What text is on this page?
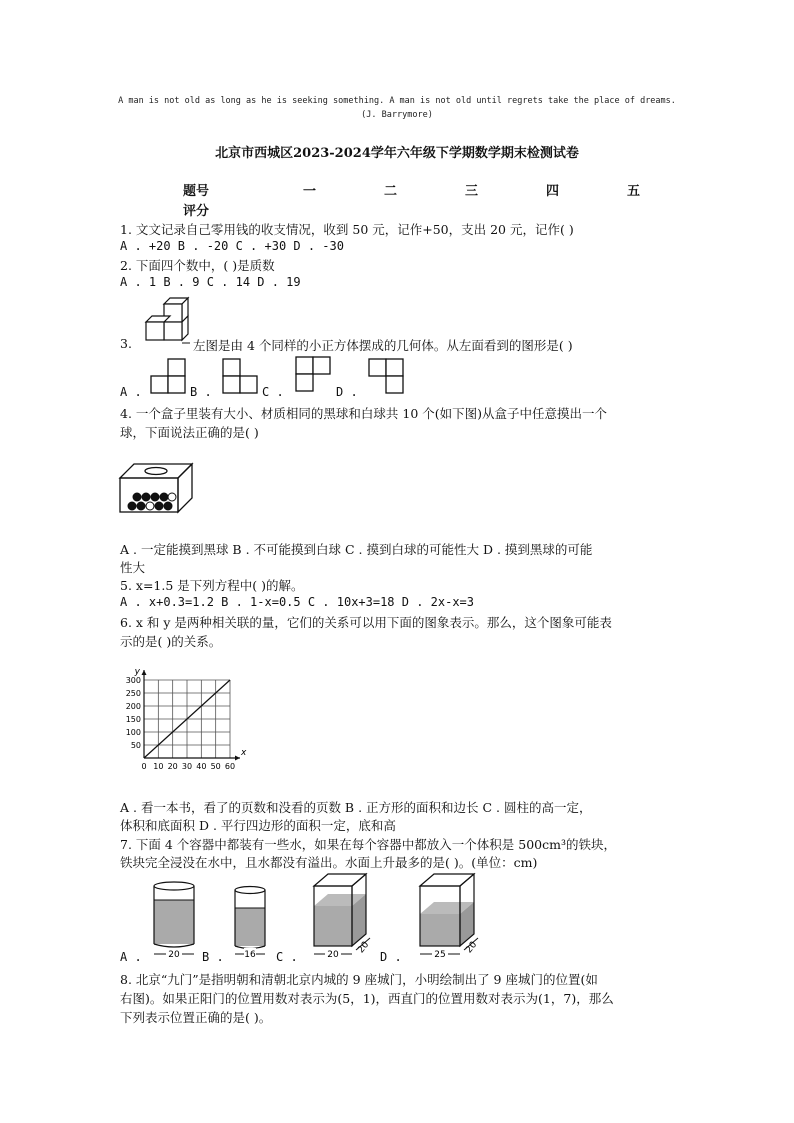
A man is not old as long as he is seeking something. A man is not old until regrets take the place of dreams.
(J. Barrymore)
北京市西城区2023-2024学年六年级下学期数学期末检测试卷
题号	一	二	三	四	五
评分
1. 文文记录自己零用钱的收支情况，收到 50 元，记作+50，支出 20 元，记作( )
A . +20 B . -20 C . +30 D . -30
2. 下面四个数中，( )是质数
A . 1 B . 9 C . 14 D . 19
3.	左图是由 4 个同样的小正方体摆成的几何体。从左面看到的图形是( )
A .	B .	C .	D .
4. 一个盒子里装有大小、材质相同的黑球和白球共 10 个(如下图)从盒子中任意摸出一个
球，下面说法正确的是( )
A . 一定能摸到黑球 B . 不可能摸到白球 C . 摸到白球的可能性大 D . 摸到黑球的可能
性大
5. x=1.5 是下列方程中( )的解。
A . x+0.3=1.2 B . 1-x=0.5 C . 10x+3=18 D . 2x-x=3
6. x 和 y 是两种相关联的量，它们的关系可以用下面的图象表示。那么，这个图象可能表
示的是( )的关系。
0 10 20 30 40 50 60
50
100
150
200
250
300
x
y
A . 看一本书，看了的页数和没看的页数 B . 正方形的面积和边长 C . 圆柱的高一定，
体积和底面积 D . 平行四边形的面积一定，底和高
7. 下面 4 个容器中都装有一些水，如果在每个容器中都放入一个体积是 500cm³的铁块，
铁块完全浸没在水中，且水都没有溢出。水面上升最多的是( )。(单位：cm)
A .	20 B . 16 C .	20 20
D .	25 20
8. 北京“九门”是指明朝和清朝北京内城的 9 座城门，小明绘制出了 9 座城门的位置(如
右图)。如果正阳门的位置用数对表示为(5，1)，西直门的位置用数对表示为(1，7)，那么
下列表示位置正确的是( )。
